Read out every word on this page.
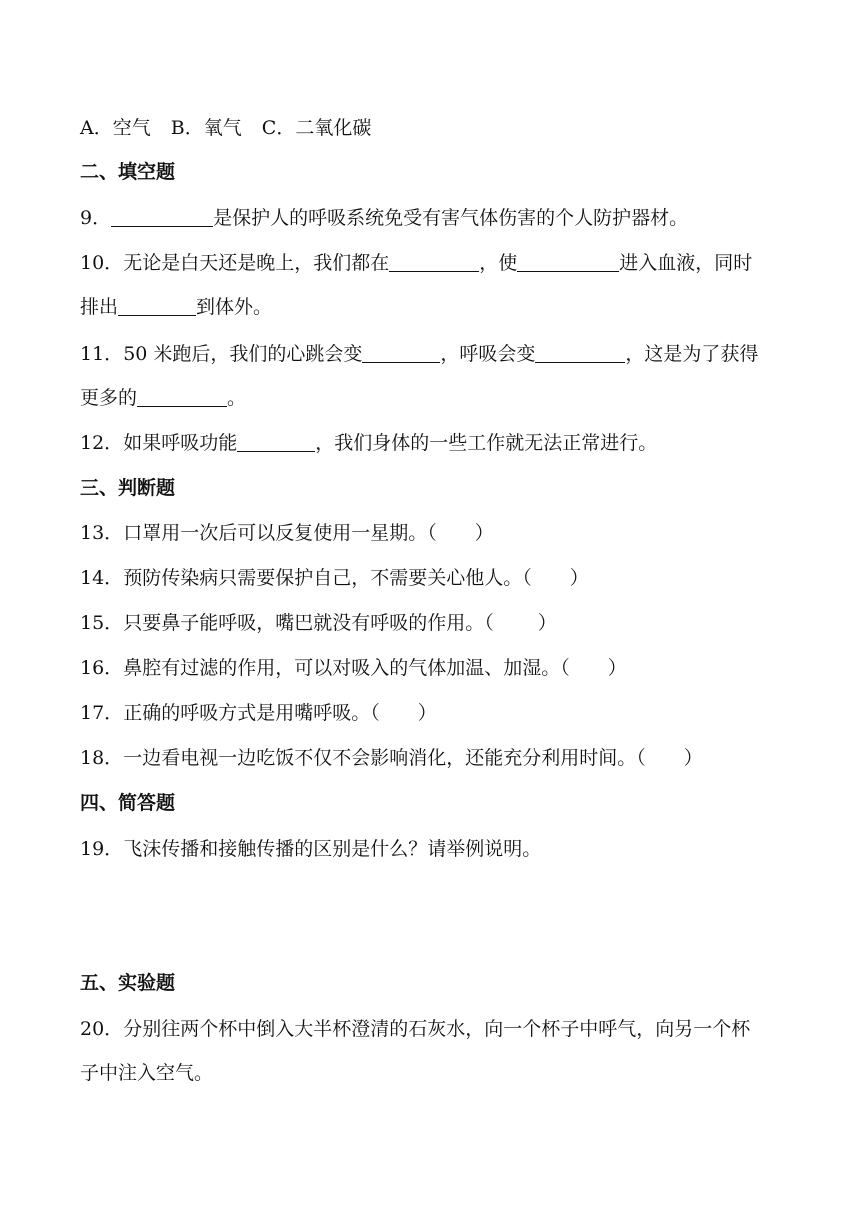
A．空气 B．氧气 C．二氧化碳
二、填空题
9．	是保护人的呼吸系统免受有害气体伤害的个人防护器材。
10．无论是白天还是晚上，我们都在	，使	进入血液，同时
排出	到体外。
11．50 米跑后，我们的心跳会变	，呼吸会变	，这是为了获得
更多的	。
12．如果呼吸功能	，我们身体的一些工作就无法正常进行。
三、判断题
13．口罩用一次后可以反复使用一星期。（　　）
14．预防传染病只需要保护自己，不需要关心他人。（　　）
15．只要鼻子能呼吸，嘴巴就没有呼吸的作用。（　　 ）
16．鼻腔有过滤的作用，可以对吸入的气体加温、加湿。（　　）
17．正确的呼吸方式是用嘴呼吸。（　　）
18．一边看电视一边吃饭不仅不会影响消化，还能充分利用时间。（　　）
四、简答题
19．飞沫传播和接触传播的区别是什么？请举例说明。
五、实验题
20．分别往两个杯中倒入大半杯澄清的石灰水，向一个杯子中呼气，向另一个杯
子中注入空气。
